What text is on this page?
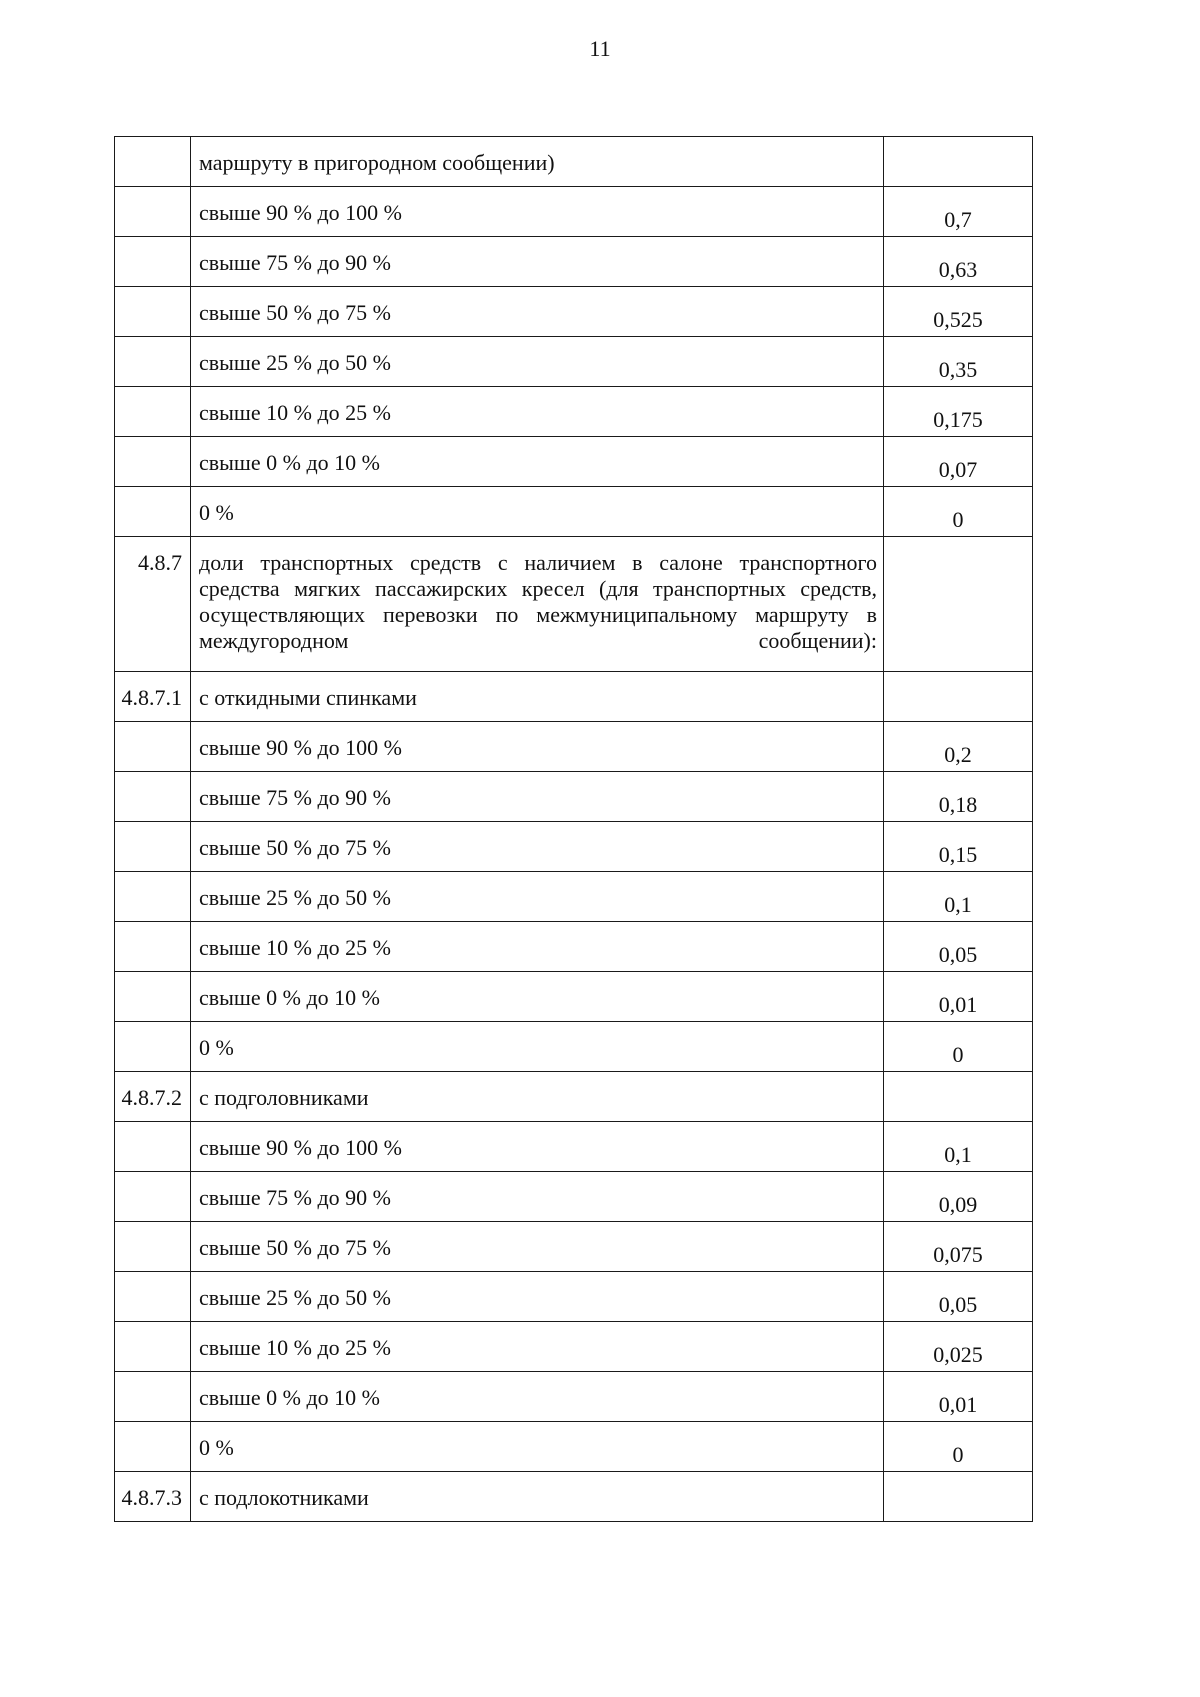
11
	маршруту в пригородном сообщении)	
	свыше 90 % до 100 %	0,7
	свыше 75 % до 90 %	0,63
	свыше 50 % до 75 %	0,525
	свыше 25 % до 50 %	0,35
	свыше 10 % до 25 %	0,175
	свыше 0 % до 10 %	0,07
	0 %	0
4.8.7	доли транспортных средств с наличием в салоне транспортного средства мягких пассажирских кресел (для транспортных средств, осуществляющих перевозки по межмуниципальному маршруту в междугородном сообщении):	
4.8.7.1	с откидными спинками	
	свыше 90 % до 100 %	0,2
	свыше 75 % до 90 %	0,18
	свыше 50 % до 75 %	0,15
	свыше 25 % до 50 %	0,1
	свыше 10 % до 25 %	0,05
	свыше 0 % до 10 %	0,01
	0 %	0
4.8.7.2	с подголовниками	
	свыше 90 % до 100 %	0,1
	свыше 75 % до 90 %	0,09
	свыше 50 % до 75 %	0,075
	свыше 25 % до 50 %	0,05
	свыше 10 % до 25 %	0,025
	свыше 0 % до 10 %	0,01
	0 %	0
4.8.7.3	с подлокотниками	
